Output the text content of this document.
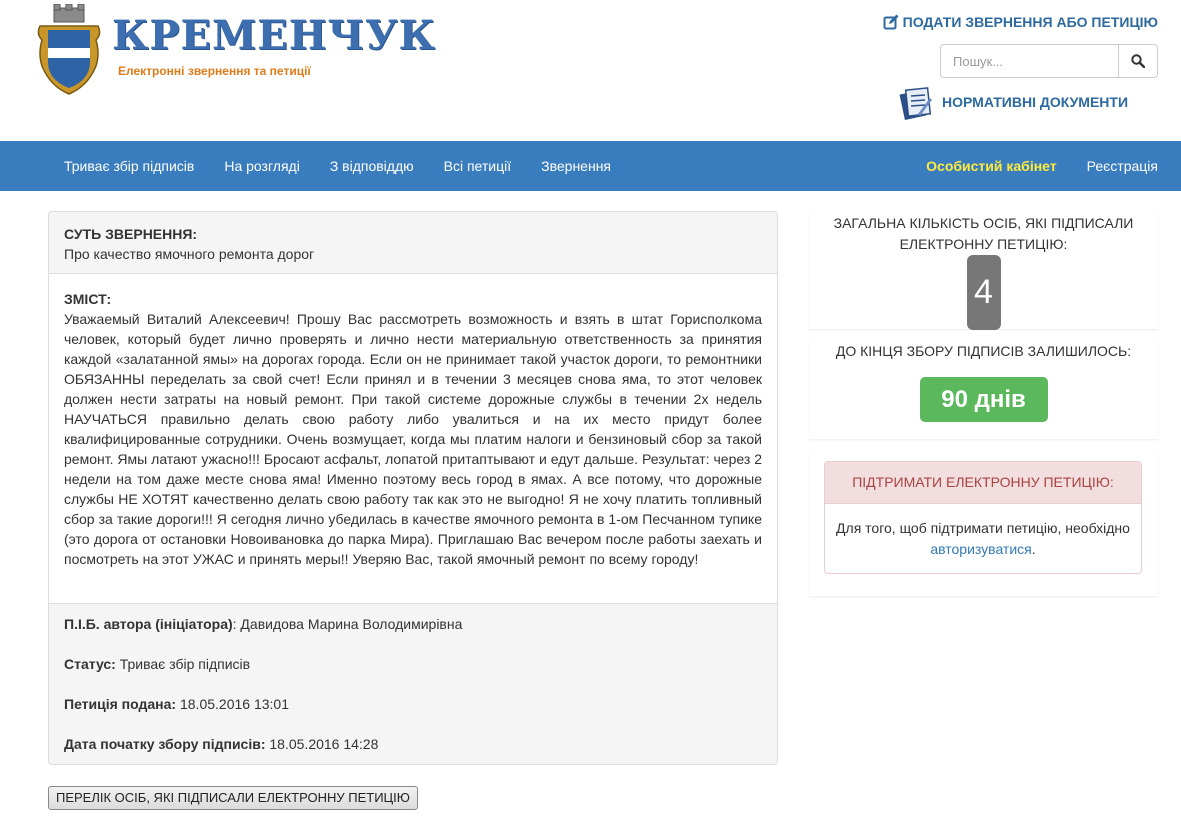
КРЕМЕНЧУК
Електронні звернення та петиції
ПОДАТИ ЗВЕРНЕННЯ АБО ПЕТИЦІЮ
Пошук...
НОРМАТИВНІ ДОКУМЕНТИ
Триває збір підписів	На розгляді	З відповіддю	Всі петиції	Звернення	Особистий кабінет	Реєстрація
СУТЬ ЗВЕРНЕННЯ:
Про качество ямочного ремонта дорог
ЗМІСТ:
Уважаемый Виталий Алексеевич! Прошу Вас рассмотреть возможность и взять в штат Горисполкома человек, который будет лично проверять и лично нести материальную ответственность за принятия каждой «залатанной ямы» на дорогах города. Если он не принимает такой участок дороги, то ремонтники ОБЯЗАННЫ переделать за свой счет! Если принял и в течении 3 месяцев снова яма, то этот человек должен нести затраты на новый ремонт. При такой системе дорожные службы в течении 2х недель НАУЧАТЬСЯ правильно делать свою работу либо увалиться и на их место придут более квалифицированные сотрудники. Очень возмущает, когда мы платим налоги и бензиновый сбор за такой ремонт. Ямы латают ужасно!!! Бросают асфальт, лопатой притаптывают и едут дальше. Результат: через 2 недели на том даже месте снова яма! Именно поэтому весь город в ямах. А все потому, что дорожные службы НЕ ХОТЯТ качественно делать свою работу так как это не выгодно! Я не хочу платить топливный сбор за такие дороги!!! Я сегодня лично убедилась в качестве ямочного ремонта в 1-ом Песчанном тупике (это дорога от остановки Новоивановка до парка Мира). Приглашаю Вас вечером после работы заехать и посмотреть на этот УЖАС и принять меры!! Уверяю Вас, такой ямочный ремонт по всему городу!
П.І.Б. автора (ініціатора): Давидова Марина Володимирівна
Статус: Триває збір підписів
Петиція подана: 18.05.2016 13:01
Дата початку збору підписів: 18.05.2016 14:28
ПЕРЕЛІК ОСІБ, ЯКІ ПІДПИСАЛИ ЕЛЕКТРОННУ ПЕТИЦІЮ
ЗАГАЛЬНА КІЛЬКІСТЬ ОСІБ, ЯКІ ПІДПИСАЛИ ЕЛЕКТРОННУ ПЕТИЦІЮ:
4
ДО КІНЦЯ ЗБОРУ ПІДПИСІВ ЗАЛИШИЛОСЬ:
90 днів
ПІДТРИМАТИ ЕЛЕКТРОННУ ПЕТИЦІЮ:
Для того, щоб підтримати петицію, необхідно авторизуватися.
